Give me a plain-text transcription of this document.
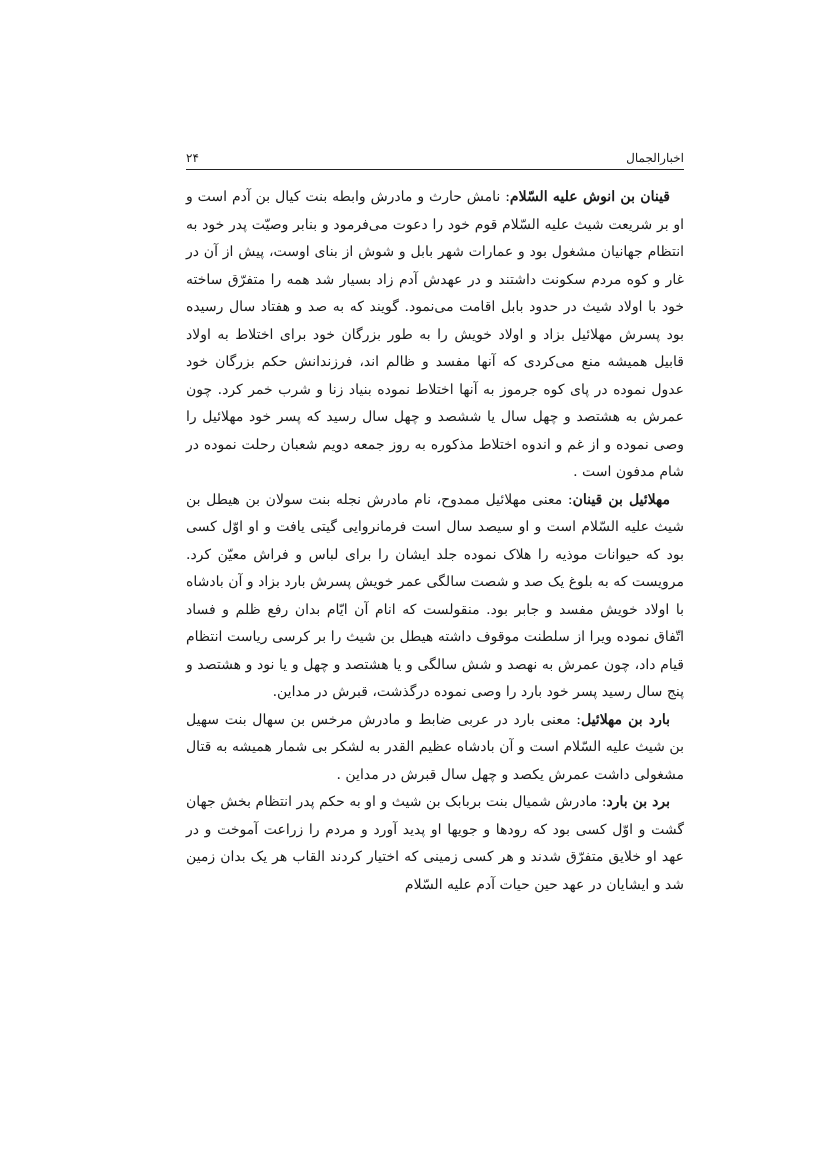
اخبارالجمال
۲۴

قینان بن انوش علیه السّلام: نامش حارث و مادرش وابطه بنت کیال بن آدم است و او بر شریعت شیث علیه السّلام قوم خود را دعوت می‌فرمود و بنابر وصیّت پدر خود به انتظام جهانیان مشغول بود و عمارات شهر بابل و شوش از بنای اوست، پیش از آن در غار و کوه مردم سکونت داشتند و در عهدش آدم زاد بسیار شد همه را متفرّق ساخته خود با اولاد شیث در حدود بابل اقامت می‌نمود. گویند که به صد و هفتاد سال رسیده بود پسرش مهلائیل بزاد و اولاد خویش را به طور بزرگان خود برای اختلاط به اولاد قابیل همیشه منع می‌کردی که آنها مفسد و ظالم اند، فرزندانش حکم بزرگان خود عدول نموده در پای کوه جرموز به آنها اختلاط نموده بنیاد زنا و شرب خمر کرد. چون عمرش به هشتصد و چهل سال یا ششصد و چهل سال رسید که پسر خود مهلائیل را وصی نموده و از غم و اندوه اختلاط مذکوره به روز جمعه دویم شعبان رحلت نموده در شام مدفون است .

مهلائیل بن قینان: معنی مهلائیل ممدوح، نام مادرش نجله بنت سولان بن هیطل بن شیث علیه السّلام است و او سیصد سال است فرمانروایی گیتی یافت و او اوّل کسی بود که حیوانات موذیه را هلاک نموده جلد ایشان را برای لباس و فراش معیّن کرد. مرویست که به بلوغ یک صد و شصت سالگی عمر خویش پسرش بارد بزاد و آن بادشاه با اولاد خویش مفسد و جابر بود. منقولست که انام آن ایّام بدان رفع ظلم و فساد اتّفاق نموده ویرا از سلطنت موقوف داشته هیطل بن شیث را بر کرسی ریاست انتظام قیام داد، چون عمرش به نهصد و شش سالگی و یا هشتصد و چهل و یا نود و هشتصد و پنج سال رسید پسر خود بارد را وصی نموده درگذشت، قبرش در مداین.

بارد بن مهلائیل: معنی بارد در عربی ضابط و مادرش مرخس بن سهال بنت سهیل بن شیث علیه السّلام است و آن بادشاه عظیم القدر به لشکر بی شمار همیشه به قتال مشغولی داشت عمرش یکصد و چهل سال قبرش در مداین .

برد بن بارد: مادرش شمیال بنت بربابک بن شیث و او به حکم پدر انتظام بخش جهان گشت و اوّل کسی بود که رودها و جویها او پدید آورد و مردم را زراعت آموخت و در عهد او خلایق متفرّق شدند و هر کسی زمینی که اختیار کردند القاب هر یک بدان زمین شد و ایشایان در عهد حین حیات آدم علیه السّلام
